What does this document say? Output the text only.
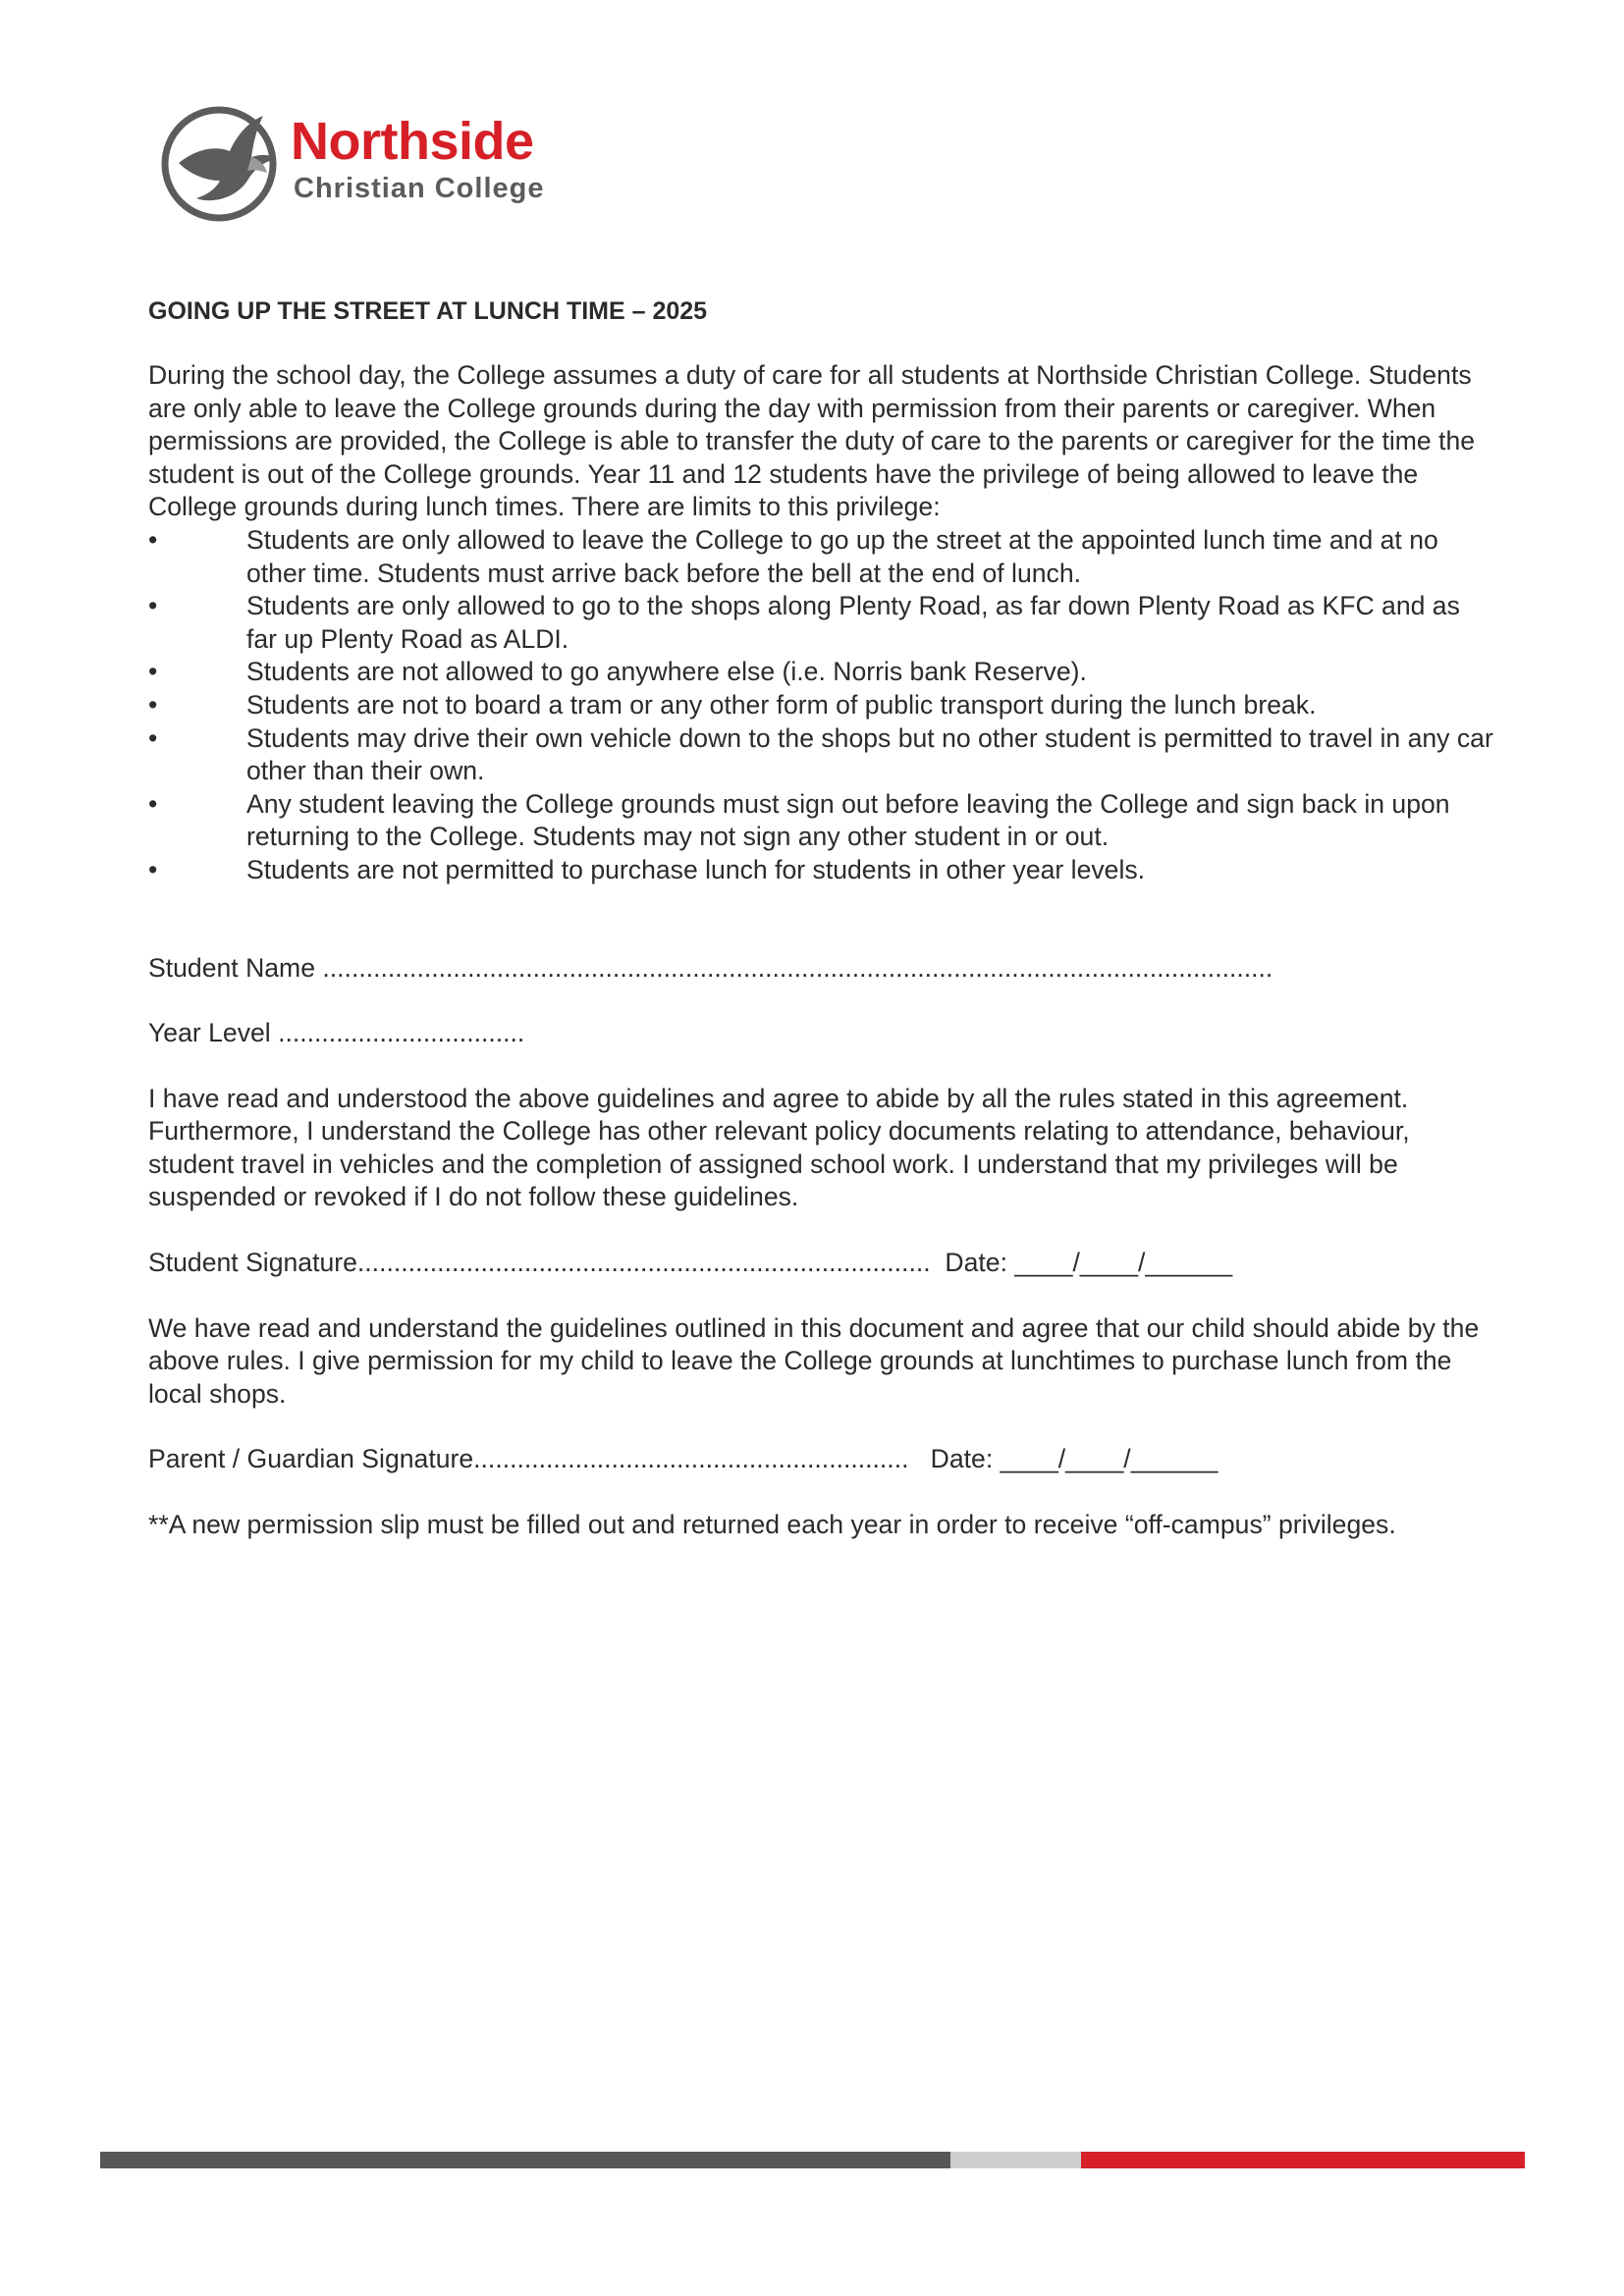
Northside
Christian College
GOING UP THE STREET AT LUNCH TIME – 2025

During the school day, the College assumes a duty of care for all students at Northside Christian College. Students are only able to leave the College grounds during the day with permission from their parents or caregiver. When permissions are provided, the College is able to transfer the duty of care to the parents or caregiver for the time the student is out of the College grounds. Year 11 and 12 students have the privilege of being allowed to leave the College grounds during lunch times. There are limits to this privilege:

•	Students are only allowed to leave the College to go up the street at the appointed lunch time and at no other time. Students must arrive back before the bell at the end of lunch.
•	Students are only allowed to go to the shops along Plenty Road, as far down Plenty Road as KFC and as far up Plenty Road as ALDI.
•	Students are not allowed to go anywhere else (i.e. Norris bank Reserve).
•	Students are not to board a tram or any other form of public transport during the lunch break.
•	Students may drive their own vehicle down to the shops but no other student is permitted to travel in any car other than their own.
•	Any student leaving the College grounds must sign out before leaving the College and sign back in upon returning to the College. Students may not sign any other student in or out.
•	Students are not permitted to purchase lunch for students in other year levels.

Student Name ...................................................................................................................................

Year Level ..................................

I have read and understood the above guidelines and agree to abide by all the rules stated in this agreement. Furthermore, I understand the College has other relevant policy documents relating to attendance, behaviour, student travel in vehicles and the completion of assigned school work. I understand that my privileges will be suspended or revoked if I do not follow these guidelines.

Student Signature............................................................................... Date: ____/____/______

We have read and understand the guidelines outlined in this document and agree that our child should abide by the above rules. I give permission for my child to leave the College grounds at lunchtimes to purchase lunch from the local shops.

Parent / Guardian Signature............................................................ Date: ____/____/______

**A new permission slip must be filled out and returned each year in order to receive “off-campus” privileges.
